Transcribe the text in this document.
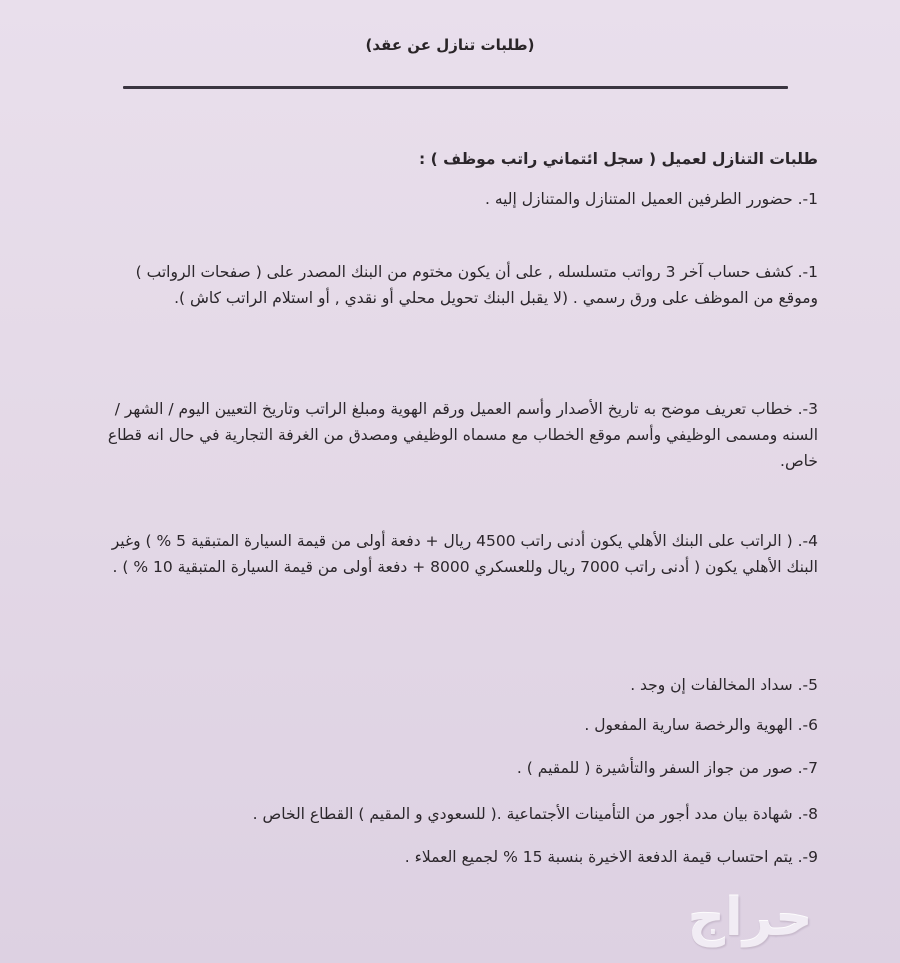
(طلبات تنازل عن عقد)
طلبات التنازل لعميل ( سجل ائتماني راتب موظف ) :
1-. حضورر الطرفين العميل المتنازل والمتنازل إليه .
1-. كشف حساب آخر 3 رواتب متسلسله , على أن يكون مختوم من البنك المصدر على ( صفحات الرواتب ) وموقع من الموظف على ورق رسمي . (لا يقبل البنك تحويل محلي أو نقدي , أو استلام الراتب كاش ).
3-. خطاب تعريف موضح به تاريخ الأصدار وأسم العميل ورقم الهوية ومبلغ الراتب وتاريخ التعيين اليوم / الشهر / السنه ومسمى الوظيفي وأسم موقع الخطاب مع مسماه الوظيفي ومصدق من الغرفة التجارية في حال انه قطاع خاص.
4-. ( الراتب على البنك الأهلي يكون أدنى راتب 4500 ريال + دفعة أولى من قيمة السيارة المتبقية 5 % ) وغير البنك الأهلي يكون ( أدنى راتب 7000 ريال وللعسكري 8000 + دفعة أولى من قيمة السيارة المتبقية 10 % ) .
5-. سداد المخالفات إن وجد .
6-. الهوية والرخصة سارية المفعول .
7-. صور من جواز السفر والتأشيرة ( للمقيم ) .
8-. شهادة بيان مدد أجور من التأمينات الأجتماعية .( للسعودي و المقيم ) القطاع الخاص .
9-. يتم احتساب قيمة الدفعة الاخيرة بنسبة 15 % لجميع العملاء .
حراج
